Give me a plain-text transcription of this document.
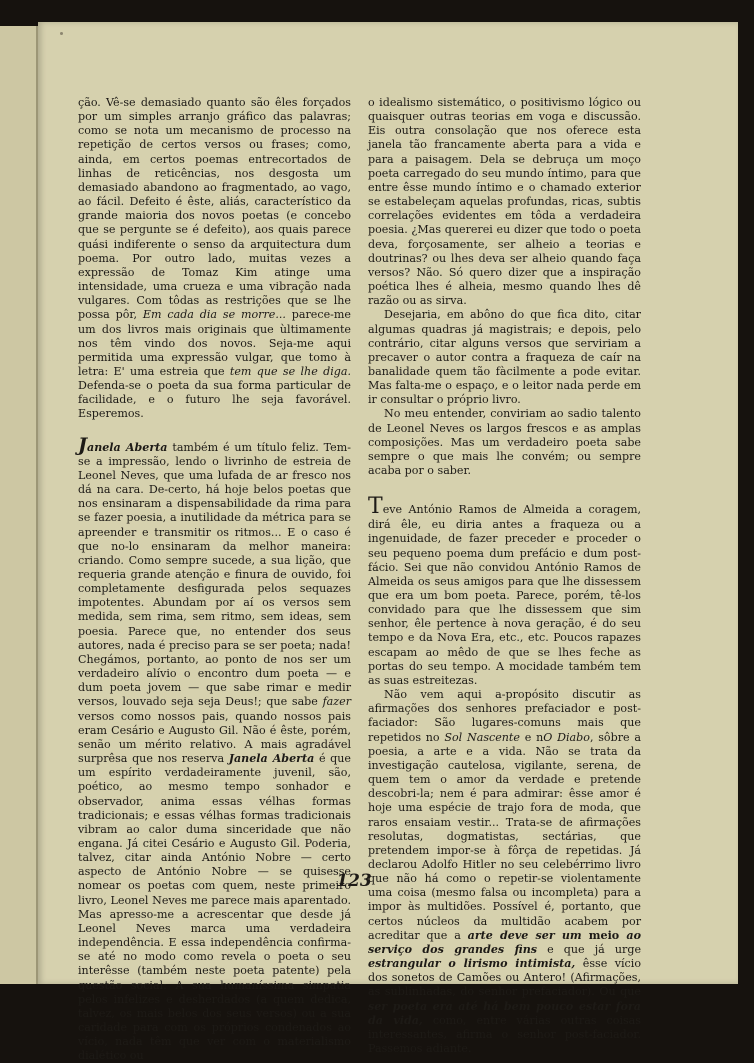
ção. Vê-se demasiado quanto são êles forçados por um simples arranjo gráfico das palavras; como se nota um mecanismo de processo na repetição de certos versos ou frases; como, ainda, em certos poemas entrecortados de linhas de reticências, nos desgosta um demasiado abandono ao fragmentado, ao vago, ao fácil. Defeito é êste, aliás, característico da grande maioria dos novos poetas (e concebo que se pergunte se é defeito), aos quais parece quási indiferente o senso da arquitectura dum poema. Por outro lado, muitas vezes a expressão de Tomaz Kim atinge uma intensidade, uma crueza e uma vibração nada vulgares. Com tôdas as restrições que se lhe possa pôr, Em cada dia se morre... parece-me um dos livros mais originais que ùltimamente nos têm vindo dos novos. Seja-me aqui permitida uma expressão vulgar, que tomo à letra: E' uma estreia que tem que se lhe diga. Defenda-se o poeta da sua forma particular de facilidade, e o futuro lhe seja favorável. Esperemos.

Janela Aberta também é um título feliz. Tem-se a impressão, lendo o livrinho de estreia de Leonel Neves, que uma lufada de ar fresco nos dá na cara. De-certo, há hoje belos poetas que nos ensinaram a dispensabilidade da rima para se fazer poesia, a inutilidade da métrica para se apreender e transmitir os ritmos... E o caso é que no-lo ensinaram da melhor maneira: criando. Como sempre sucede, a sua lição, que requeria grande atenção e finura de ouvido, foi completamente desfigurada pelos sequazes impotentes. Abundam por aí os versos sem medida, sem rima, sem ritmo, sem ideas, sem poesia. Parece que, no entender dos seus autores, nada é preciso para se ser poeta; nada! Chegámos, portanto, ao ponto de nos ser um verdadeiro alívio o encontro dum poeta — e dum poeta jovem — que sabe rimar e medir versos, louvado seja seja Deus!; que sabe fazer versos como nossos pais, quando nossos pais eram Cesário e Augusto Gil. Não é êste, porém, senão um mérito relativo. A mais agradável surprêsa que nos reserva Janela Aberta é que um espírito verdadeiramente juvenil, são, poético, ao mesmo tempo sonhador e observador, anima essas vélhas formas tradicionais; e essas vélhas formas tradicionais vibram ao calor duma sinceridade que não engana. Já citei Cesário e Augusto Gil. Poderia, talvez, citar ainda António Nobre — certo aspecto de António Nobre — se quisesse nomear os poetas com quem, neste primeiro livro, Leonel Neves me parece mais aparentado. Mas apresso-me a acrescentar que desde já Leonel Neves marca uma verdadeira independência. E essa independência confirma-se até no modo como revela o poeta o seu interêsse (também neste poeta patente) pela questão social: A sua humaníssima simpatia pelos infelizes e desherdados (a quem dedica, talvez, os mais belos dos seus versos) ou a sua caridade para com os próprios condenados ao vício, nada têm que ver com o materialismo dialético ou

o idealismo sistemático, o positivismo lógico ou quaisquer outras teorias em voga e discussão. Eis outra consolação que nos oferece esta janela tão francamente aberta para a vida e para a paisagem. Dela se debruça um moço poeta carregado do seu mundo íntimo, para que entre êsse mundo íntimo e o chamado exterior se estabeleçam aquelas profundas, ricas, subtis correlações evidentes em tôda a verdadeira poesia. ¿Mas quererei eu dizer que todo o poeta deva, forçosamente, ser alheio a teorias e doutrinas? ou lhes deva ser alheio quando faça versos? Não. Só quero dizer que a inspiração poética lhes é alheia, mesmo quando lhes dê razão ou as sirva.

Desejaria, em abôno do que fica dito, citar algumas quadras já magistrais; e depois, pelo contrário, citar alguns versos que serviriam a precaver o autor contra a fraqueza de caír na banalidade quem tão fàcilmente a pode evitar. Mas falta-me o espaço, e o leitor nada perde em ir consultar o próprio livro.

No meu entender, conviriam ao sadio talento de Leonel Neves os largos frescos e as amplas composições. Mas um verdadeiro poeta sabe sempre o que mais lhe convém; ou sempre acaba por o saber.

Teve António Ramos de Almeida a coragem, dirá êle, eu diria antes a fraqueza ou a ingenuidade, de fazer preceder e proceder o seu pequeno poema dum prefácio e dum post-fácio. Sei que não convidou António Ramos de Almeida os seus amigos para que lhe dissessem que era um bom poeta. Parece, porém, tê-los convidado para que lhe dissessem que sim senhor, êle pertence à nova geração, é do seu tempo e da Nova Era, etc., etc. Poucos rapazes escapam ao mêdo de que se lhes feche as portas do seu tempo. A mocidade também tem as suas estreitezas.

Não vem aqui a-propósito discutir as afirmações dos senhores prefaciador e post-faciador: São lugares-comuns mais que repetidos no Sol Nascente e nO Diabo, sôbre a poesia, a arte e a vida. Não se trata da investigação cautelosa, vigilante, serena, de quem tem o amor da verdade e pretende descobri-la; nem é para admirar: êsse amor é hoje uma espécie de trajo fora de moda, que raros ensaiam vestir... Trata-se de afirmações resolutas, dogmatistas, sectárias, que pretendem impor-se à fôrça de repetidas. Já declarou Adolfo Hitler no seu celebérrimo livro que não há como o repetir-se violentamente uma coisa (mesmo falsa ou incompleta) para a impor às multidões. Possível é, portanto, que certos núcleos da multidão acabem por acreditar que a arte deve ser um meio ao serviço dos grandes fins e que já urge estrangular o lirismo intimista, êsse vício dos sonetos de Camões ou Antero! (Afirmações, as sublinhadas, do senhor prefaciador). Ou que ser poeta era até há bem pouco estar fora da vida, como, entre várias outras coisas interessantes, afirma o senhor post-faciador. Passemos adiante.

123
